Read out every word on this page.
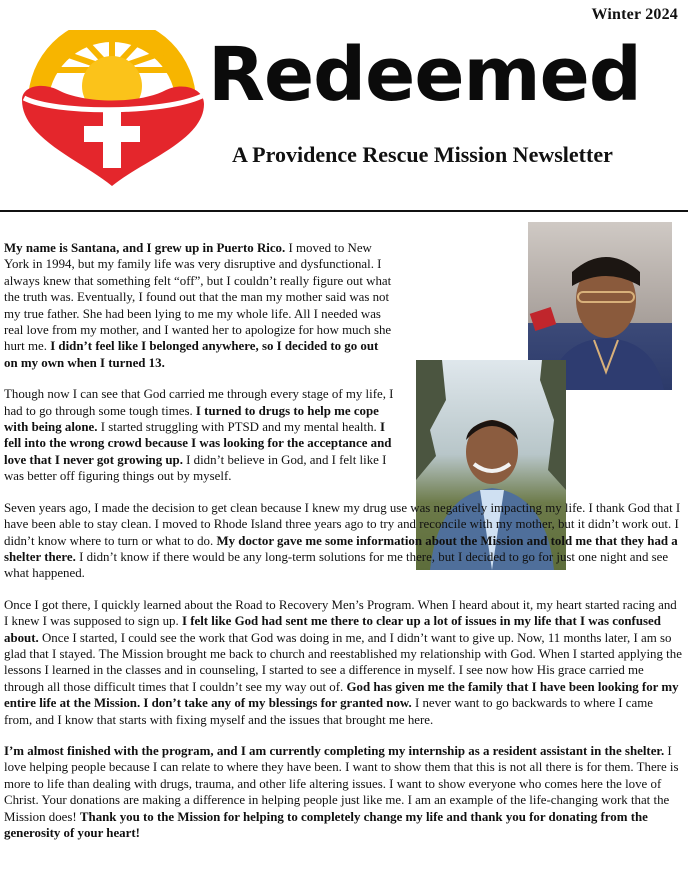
Winter 2024
Redeemed
A Providence Rescue Mission Newsletter

My name is Santana, and I grew up in Puerto Rico. I moved to New York in 1994, but my family life was very disruptive and dysfunctional. I always knew that something felt “off”, but I couldn’t really figure out what the truth was. Eventually, I found out that the man my mother said was not my true father. She had been lying to me my whole life. All I needed was real love from my mother, and I wanted her to apologize for how much she hurt me. I didn’t feel like I belonged anywhere, so I decided to go out on my own when I turned 13.

Though now I can see that God carried me through every stage of my life, I had to go through some tough times. I turned to drugs to help me cope with being alone. I started struggling with PTSD and my mental health. I fell into the wrong crowd because I was looking for the acceptance and love that I never got growing up. I didn’t believe in God, and I felt like I was better off figuring things out by myself.

Seven years ago, I made the decision to get clean because I knew my drug use was negatively impacting my life. I thank God that I have been able to stay clean. I moved to Rhode Island three years ago to try and reconcile with my mother, but it didn’t work out. I didn’t know where to turn or what to do. My doctor gave me some information about the Mission and told me that they had a shelter there. I didn’t know if there would be any long-term solutions for me there, but I decided to go for just one night and see what happened.

Once I got there, I quickly learned about the Road to Recovery Men’s Program. When I heard about it, my heart started racing and I knew I was supposed to sign up. I felt like God had sent me there to clear up a lot of issues in my life that I was confused about. Once I started, I could see the work that God was doing in me, and I didn’t want to give up. Now, 11 months later, I am so glad that I stayed. The Mission brought me back to church and reestablished my relationship with God. When I started applying the lessons I learned in the classes and in counseling, I started to see a difference in myself. I see now how His grace carried me through all those difficult times that I couldn’t see my way out of. God has given me the family that I have been looking for my entire life at the Mission. I don’t take any of my blessings for granted now. I never want to go backwards to where I came from, and I know that starts with fixing myself and the issues that brought me here.

I’m almost finished with the program, and I am currently completing my internship as a resident assistant in the shelter. I love helping people because I can relate to where they have been. I want to show them that this is not all there is for them. There is more to life than dealing with drugs, trauma, and other life altering issues. I want to show everyone who comes here the love of Christ. Your donations are making a difference in helping people just like me. I am an example of the life-changing work that the Mission does! Thank you to the Mission for helping to completely change my life and thank you for donating from the generosity of your heart!
